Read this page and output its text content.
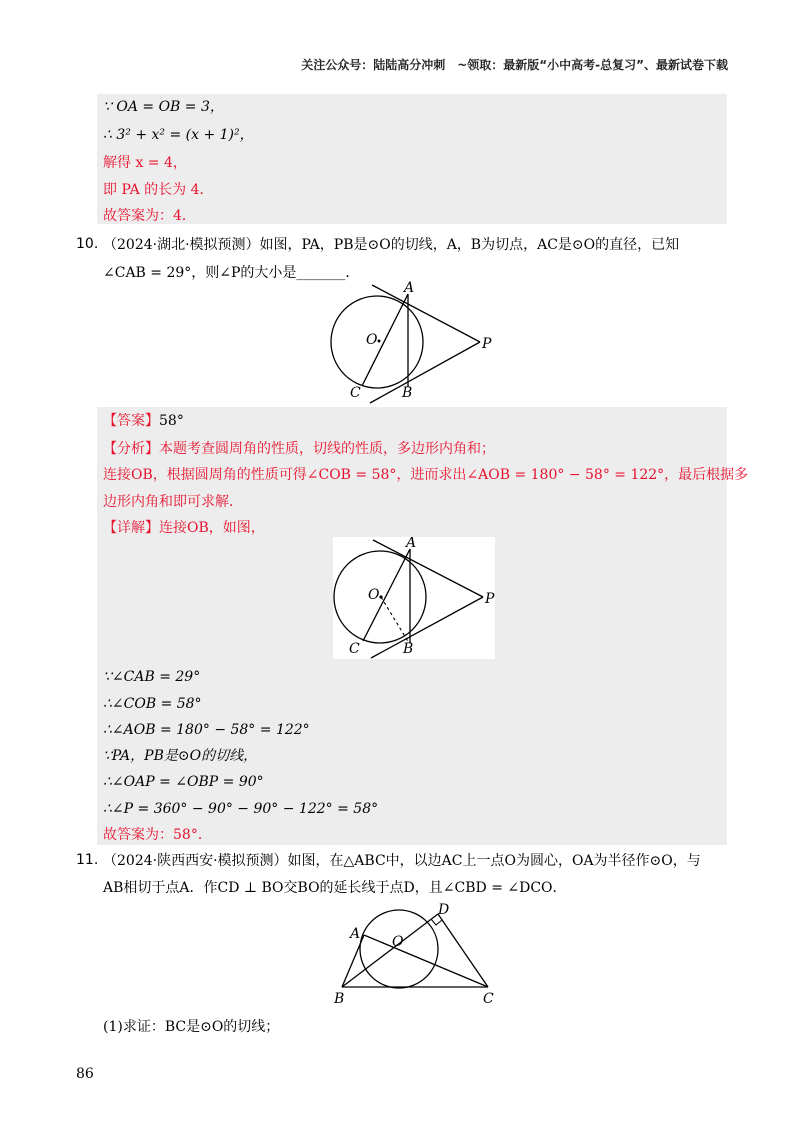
关注公众号：陆陆高分冲刺　~领取：最新版“小中高考-总复习”、最新试卷下载
∵ OA = OB = 3，
∴ 3² + x² = (x + 1)²，
解得 x = 4，
即 PA 的长为 4．
故答案为：4．
10. （2024·湖北·模拟预测）如图，PA，PB是⊙O的切线，A，B为切点，AC是⊙O的直径，已知
∠CAB = 29°，则∠P的大小是_______．
A
O	P
C	B
【答案】58°
【分析】本题考查圆周角的性质，切线的性质，多边形内角和；
连接OB，根据圆周角的性质可得∠COB = 58°，进而求出∠AOB = 180° − 58° = 122°，最后根据多
边形内角和即可求解．
【详解】连接OB，如图，
A
O	P
C	B
∵∠CAB = 29°
∴∠COB = 58°
∴∠AOB = 180° − 58° = 122°
∵PA，PB是⊙O的切线，
∴∠OAP = ∠OBP = 90°
∴∠P = 360° − 90° − 90° − 122° = 58°
故答案为：58°．
11. （2024·陕西西安·模拟预测）如图，在△ABC中，以边AC上一点O为圆心，OA为半径作⊙O，与
AB相切于点A．作CD ⊥ BO交BO的延长线于点D，且∠CBD = ∠DCO．
A O
D
B	C
(1)求证：BC是⊙O的切线；
86
